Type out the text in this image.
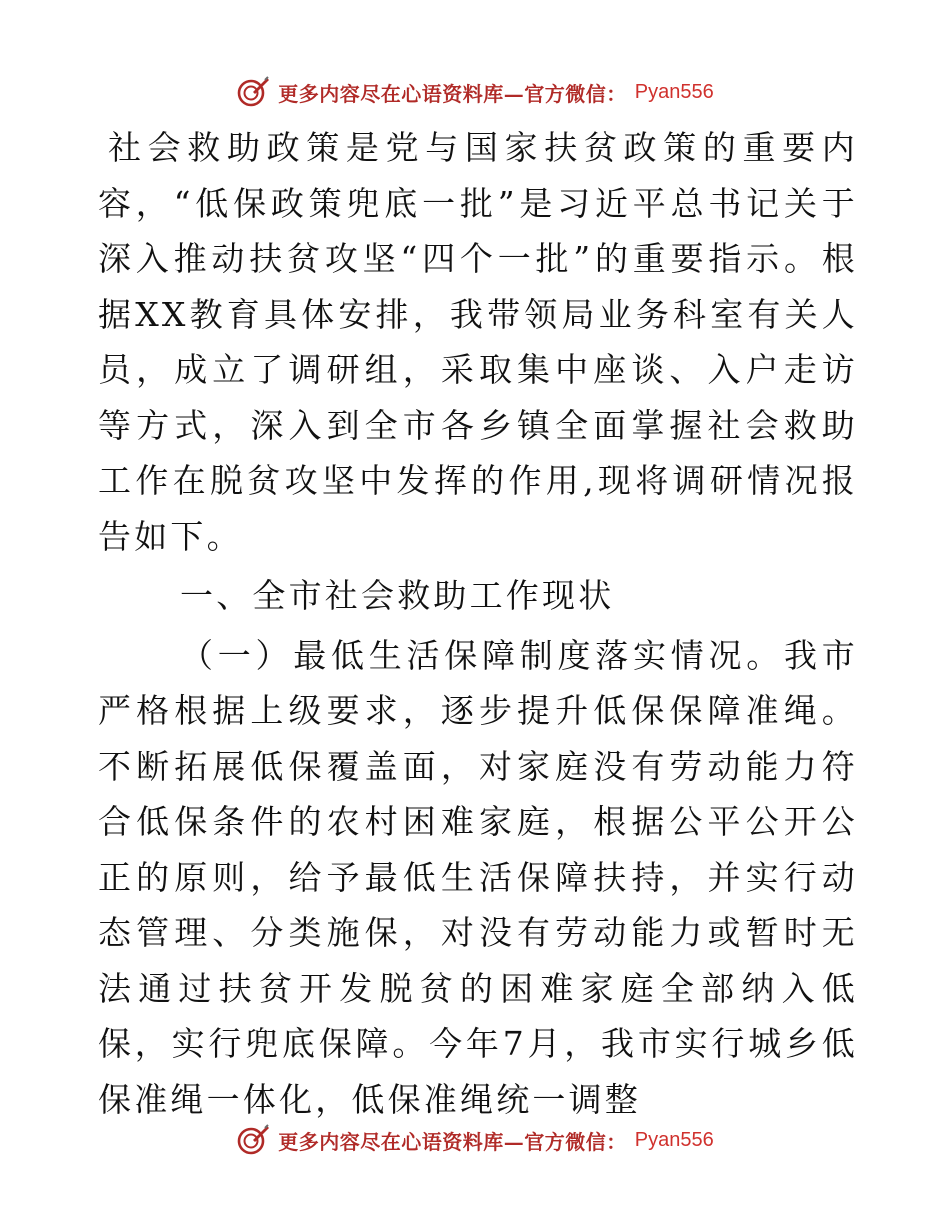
更多内容尽在心语资料库—官方微信： Pyan556

社会救助政策是党与国家扶贫政策的重要内容，“低保政策兜底一批”是习近平总书记关于深入推动扶贫攻坚“四个一批”的重要指示。根据XX教育具体安排，我带领局业务科室有关人员，成立了调研组，采取集中座谈、入户走访等方式，深入到全市各乡镇全面掌握社会救助工作在脱贫攻坚中发挥的作用,现将调研情况报告如下。

一、全市社会救助工作现状

（一）最低生活保障制度落实情况。我市严格根据上级要求，逐步提升低保保障准绳。不断拓展低保覆盖面，对家庭没有劳动能力符合低保条件的农村困难家庭，根据公平公开公正的原则，给予最低生活保障扶持，并实行动态管理、分类施保，对没有劳动能力或暂时无法通过扶贫开发脱贫的困难家庭全部纳入低保，实行兜底保障。今年7月，我市实行城乡低保准绳一体化，低保准绳统一调整

更多内容尽在心语资料库—官方微信： Pyan556
